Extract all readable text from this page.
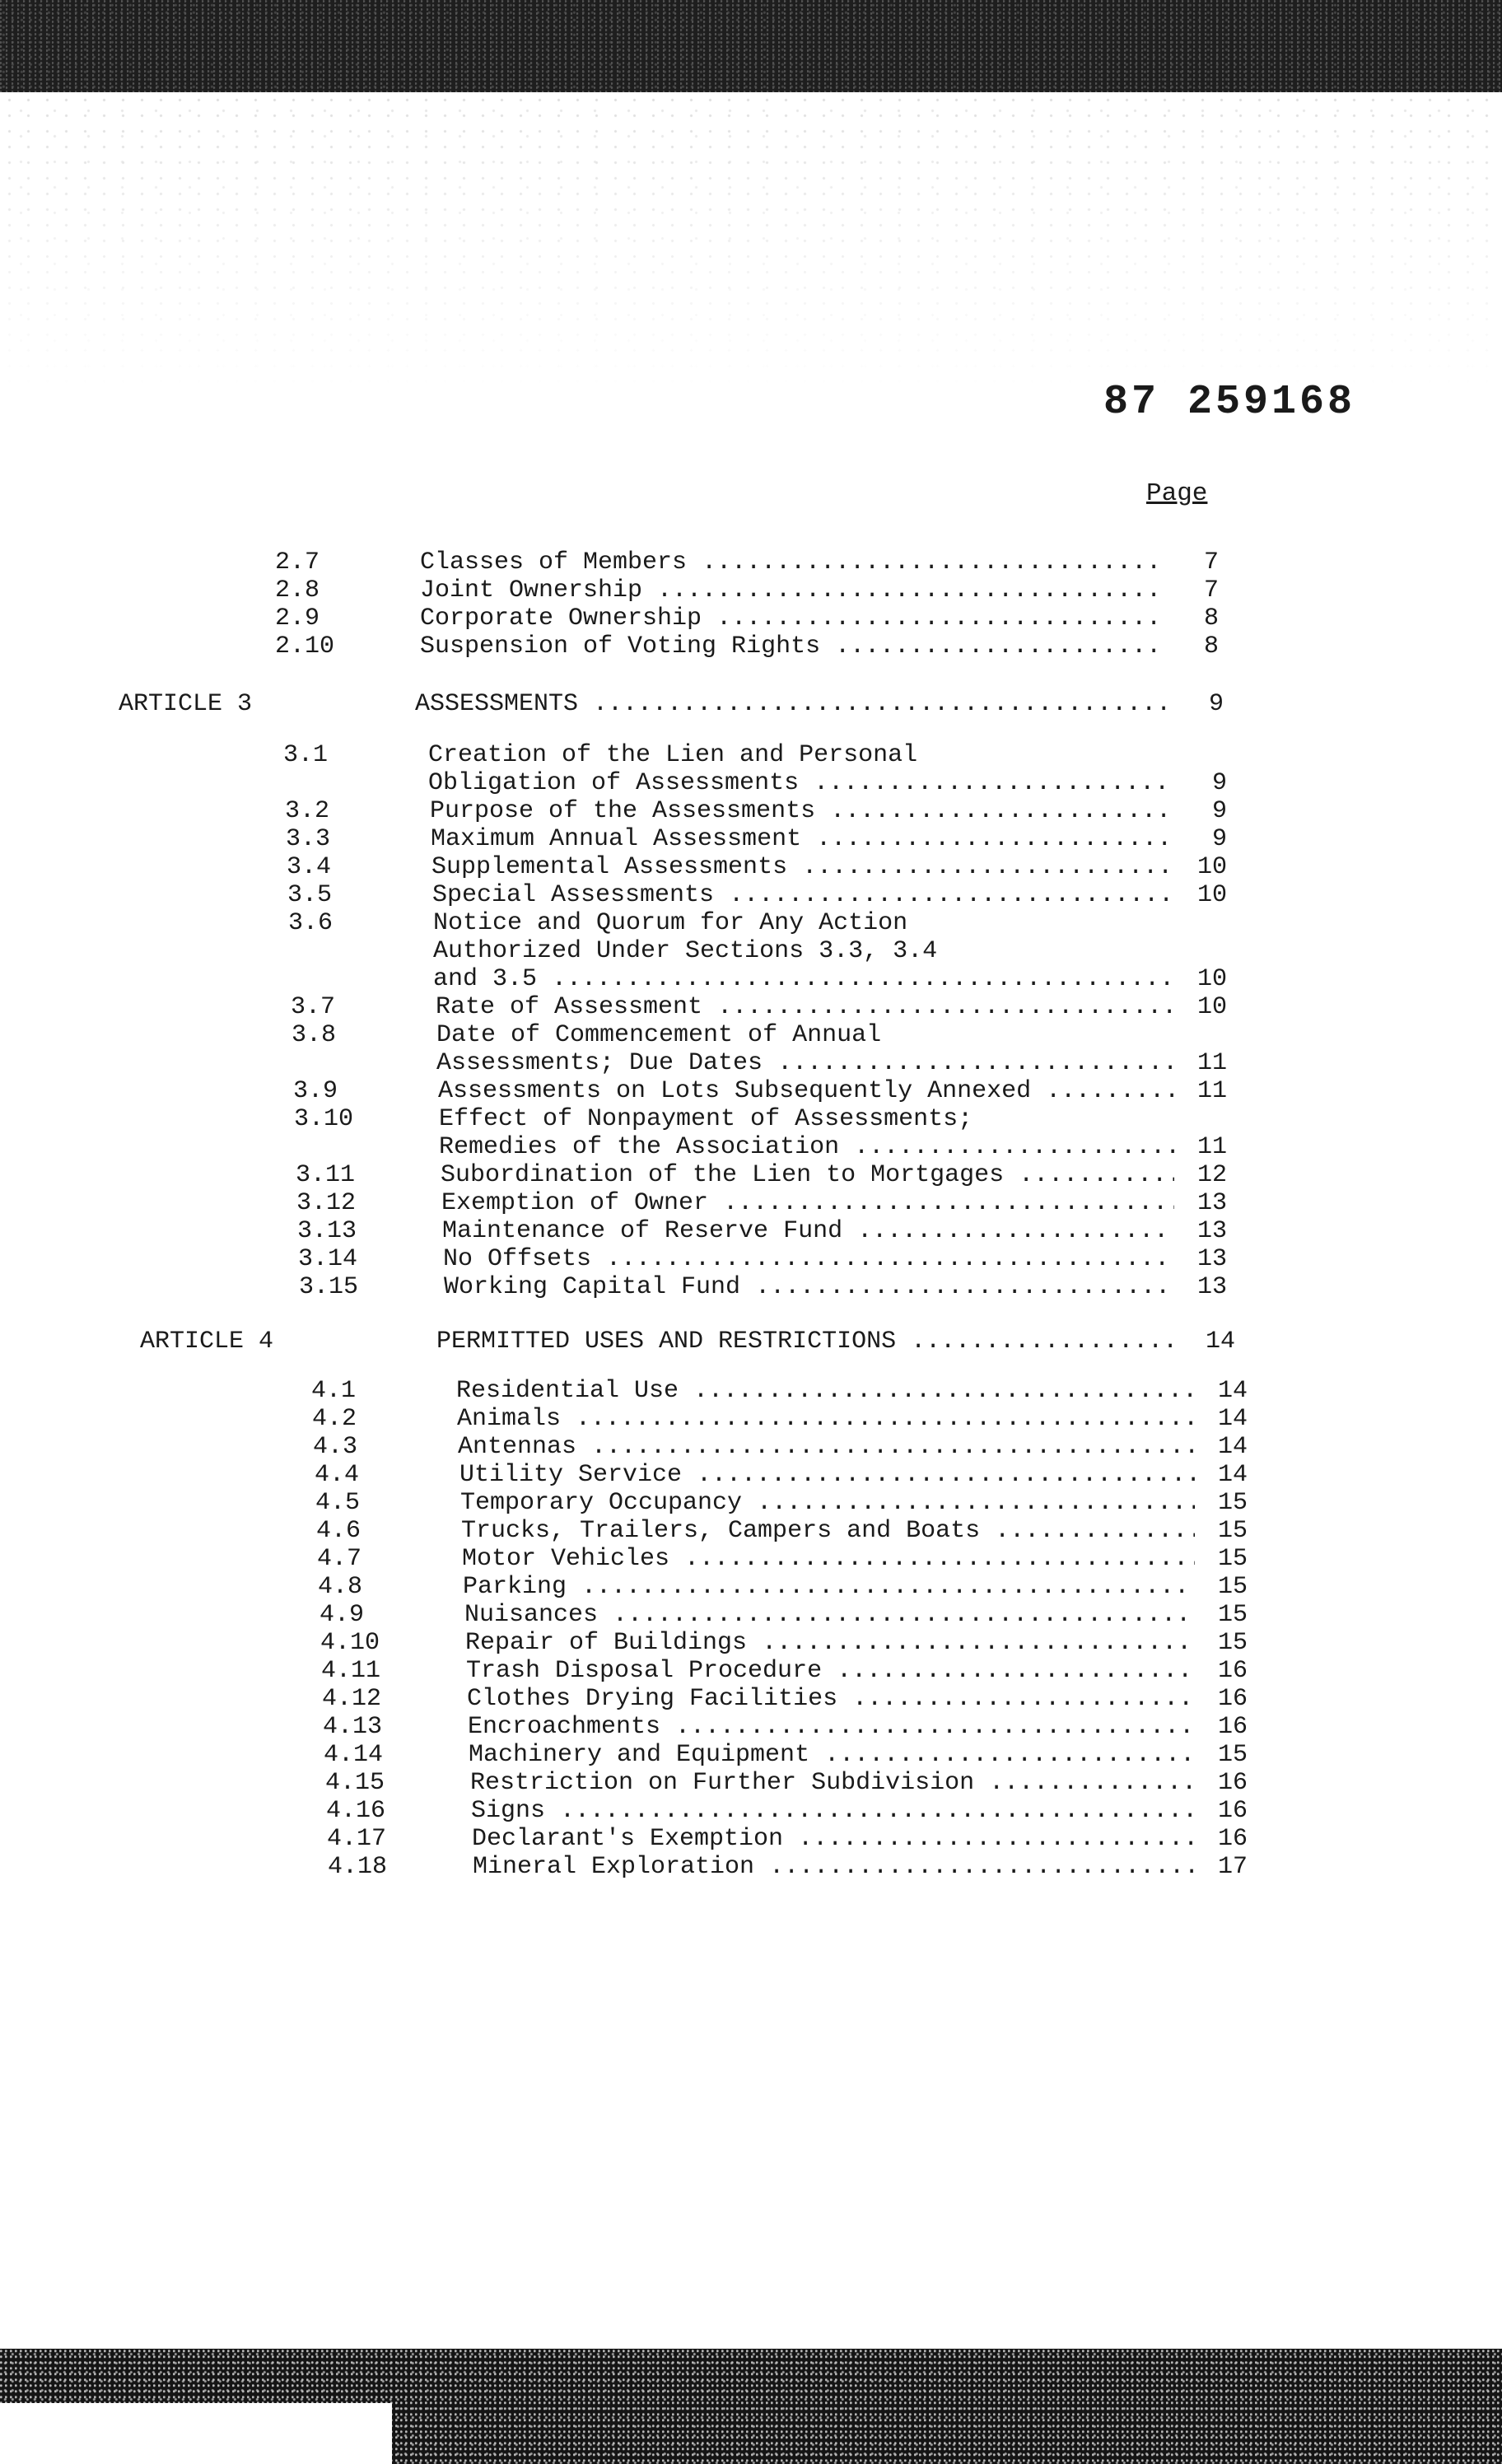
87 259168
Page
2.7	Classes of Members .....	7
2.8	Joint Ownership .....	7
2.9	Corporate Ownership .....	8
2.10	Suspension of Voting Rights .....	8
ARTICLE 3	ASSESSMENTS .....	9
3.1	Creation of the Lien and Personal
Obligation of Assessments .....	9
3.2	Purpose of the Assessments .....	9
3.3	Maximum Annual Assessment .....	9
3.4	Supplemental Assessments .....	10
3.5	Special Assessments .....	10
3.6	Notice and Quorum for Any Action
Authorized Under Sections 3.3, 3.4
and 3.5 .....	10
3.7	Rate of Assessment .....	10
3.8	Date of Commencement of Annual
Assessments; Due Dates .....	11
3.9	Assessments on Lots Subsequently Annexed .....	11
3.10	Effect of Nonpayment of Assessments;
Remedies of the Association .....	11
3.11	Subordination of the Lien to Mortgages .....	12
3.12	Exemption of Owner .....	13
3.13	Maintenance of Reserve Fund .....	13
3.14	No Offsets .....	13
3.15	Working Capital Fund .....	13
ARTICLE 4	PERMITTED USES AND RESTRICTIONS .....	14
4.1	Residential Use .....	14
4.2	Animals .....	14
4.3	Antennas .....	14
4.4	Utility Service .....	14
4.5	Temporary Occupancy .....	15
4.6	Trucks, Trailers, Campers and Boats .....	15
4.7	Motor Vehicles .....	15
4.8	Parking .....	15
4.9	Nuisances .....	15
4.10	Repair of Buildings .....	15
4.11	Trash Disposal Procedure .....	16
4.12	Clothes Drying Facilities .....	16
4.13	Encroachments .....	16
4.14	Machinery and Equipment .....	15
4.15	Restriction on Further Subdivision .....	16
4.16	Signs .....	16
4.17	Declarant's Exemption .....	16
4.18	Mineral Exploration .....	17
